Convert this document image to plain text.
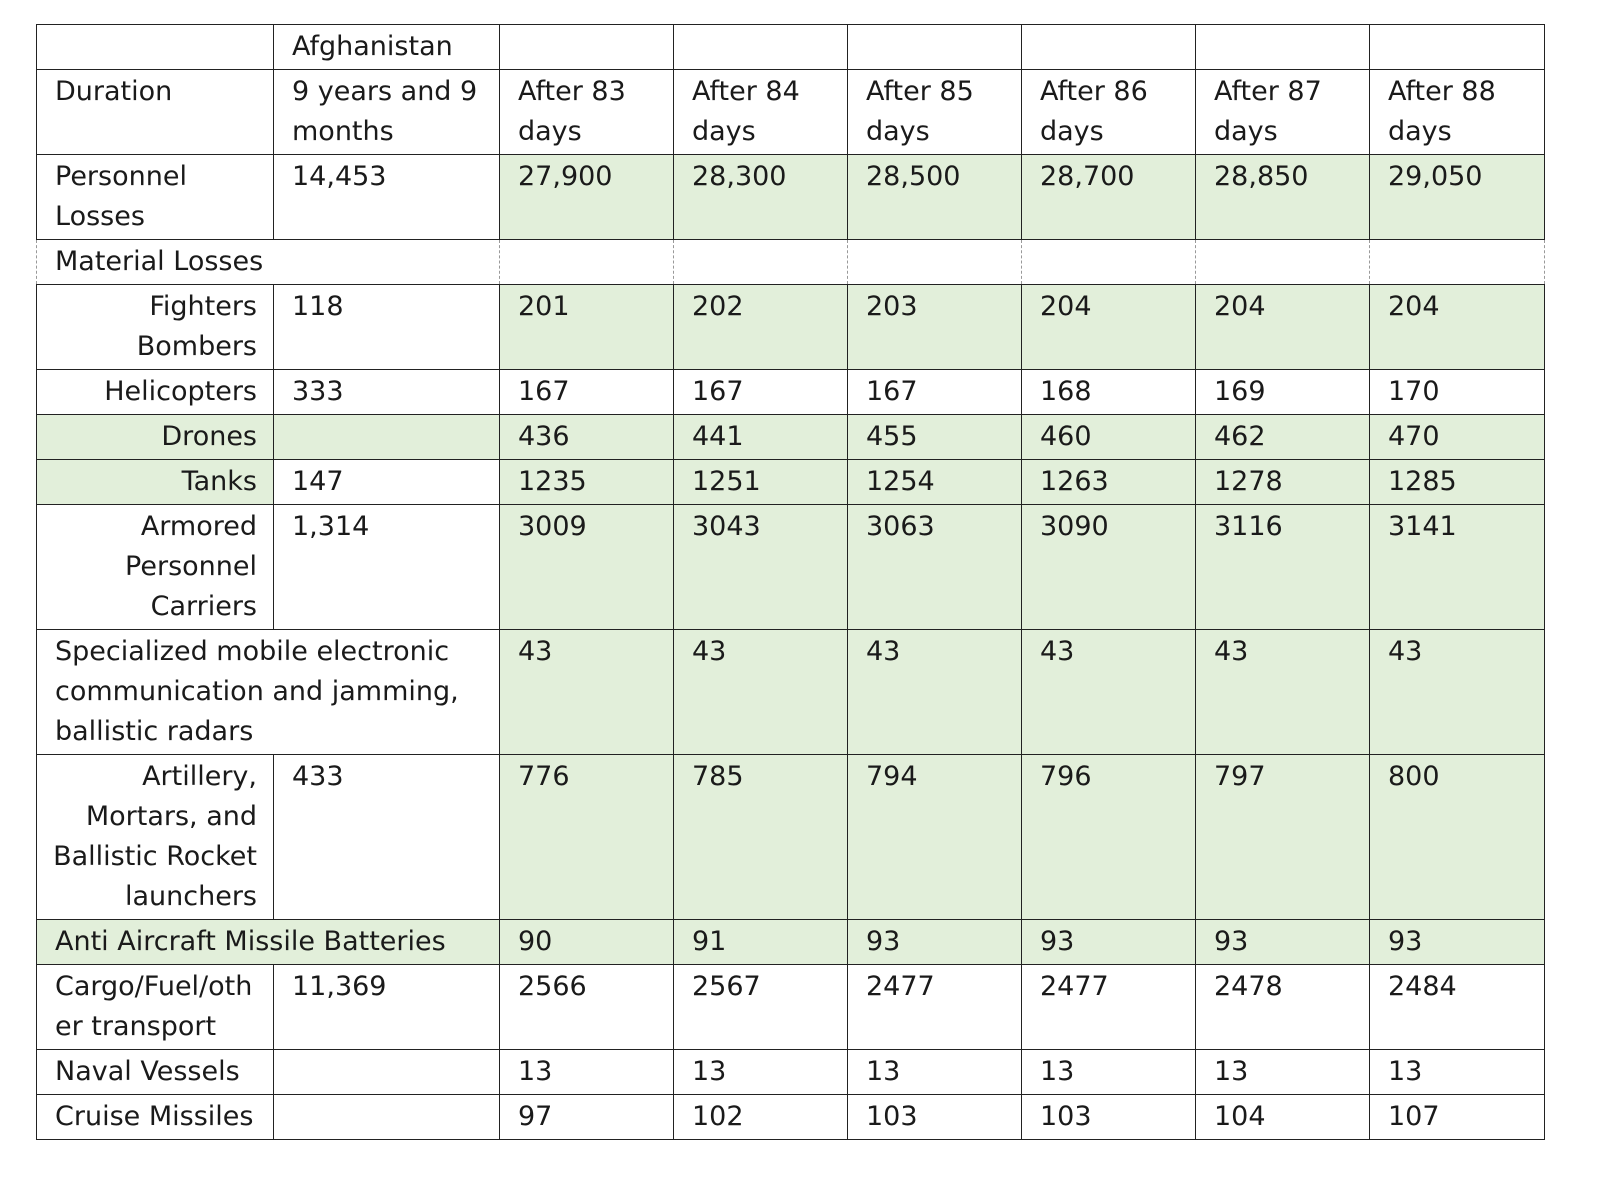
	Afghanistan						
Duration	9 years and 9 months	After 83 days	After 84 days	After 85 days	After 86 days	After 87 days	After 88 days
Personnel Losses	14,453	27,900	28,300	28,500	28,700	28,850	29,050
Material Losses							
Fighters Bombers	118	201	202	203	204	204	204
Helicopters	333	167	167	167	168	169	170
Drones		436	441	455	460	462	470
Tanks	147	1235	1251	1254	1263	1278	1285
Armored Personnel Carriers	1,314	3009	3043	3063	3090	3116	3141
Specialized mobile electronic communication and jamming, ballistic radars		43	43	43	43	43	43
Artillery, Mortars, and Ballistic Rocket launchers	433	776	785	794	796	797	800
Anti Aircraft Missile Batteries		90	91	93	93	93	93
Cargo/Fuel/other transport	11,369	2566	2567	2477	2477	2478	2484
Naval Vessels		13	13	13	13	13	13
Cruise Missiles		97	102	103	103	104	107
